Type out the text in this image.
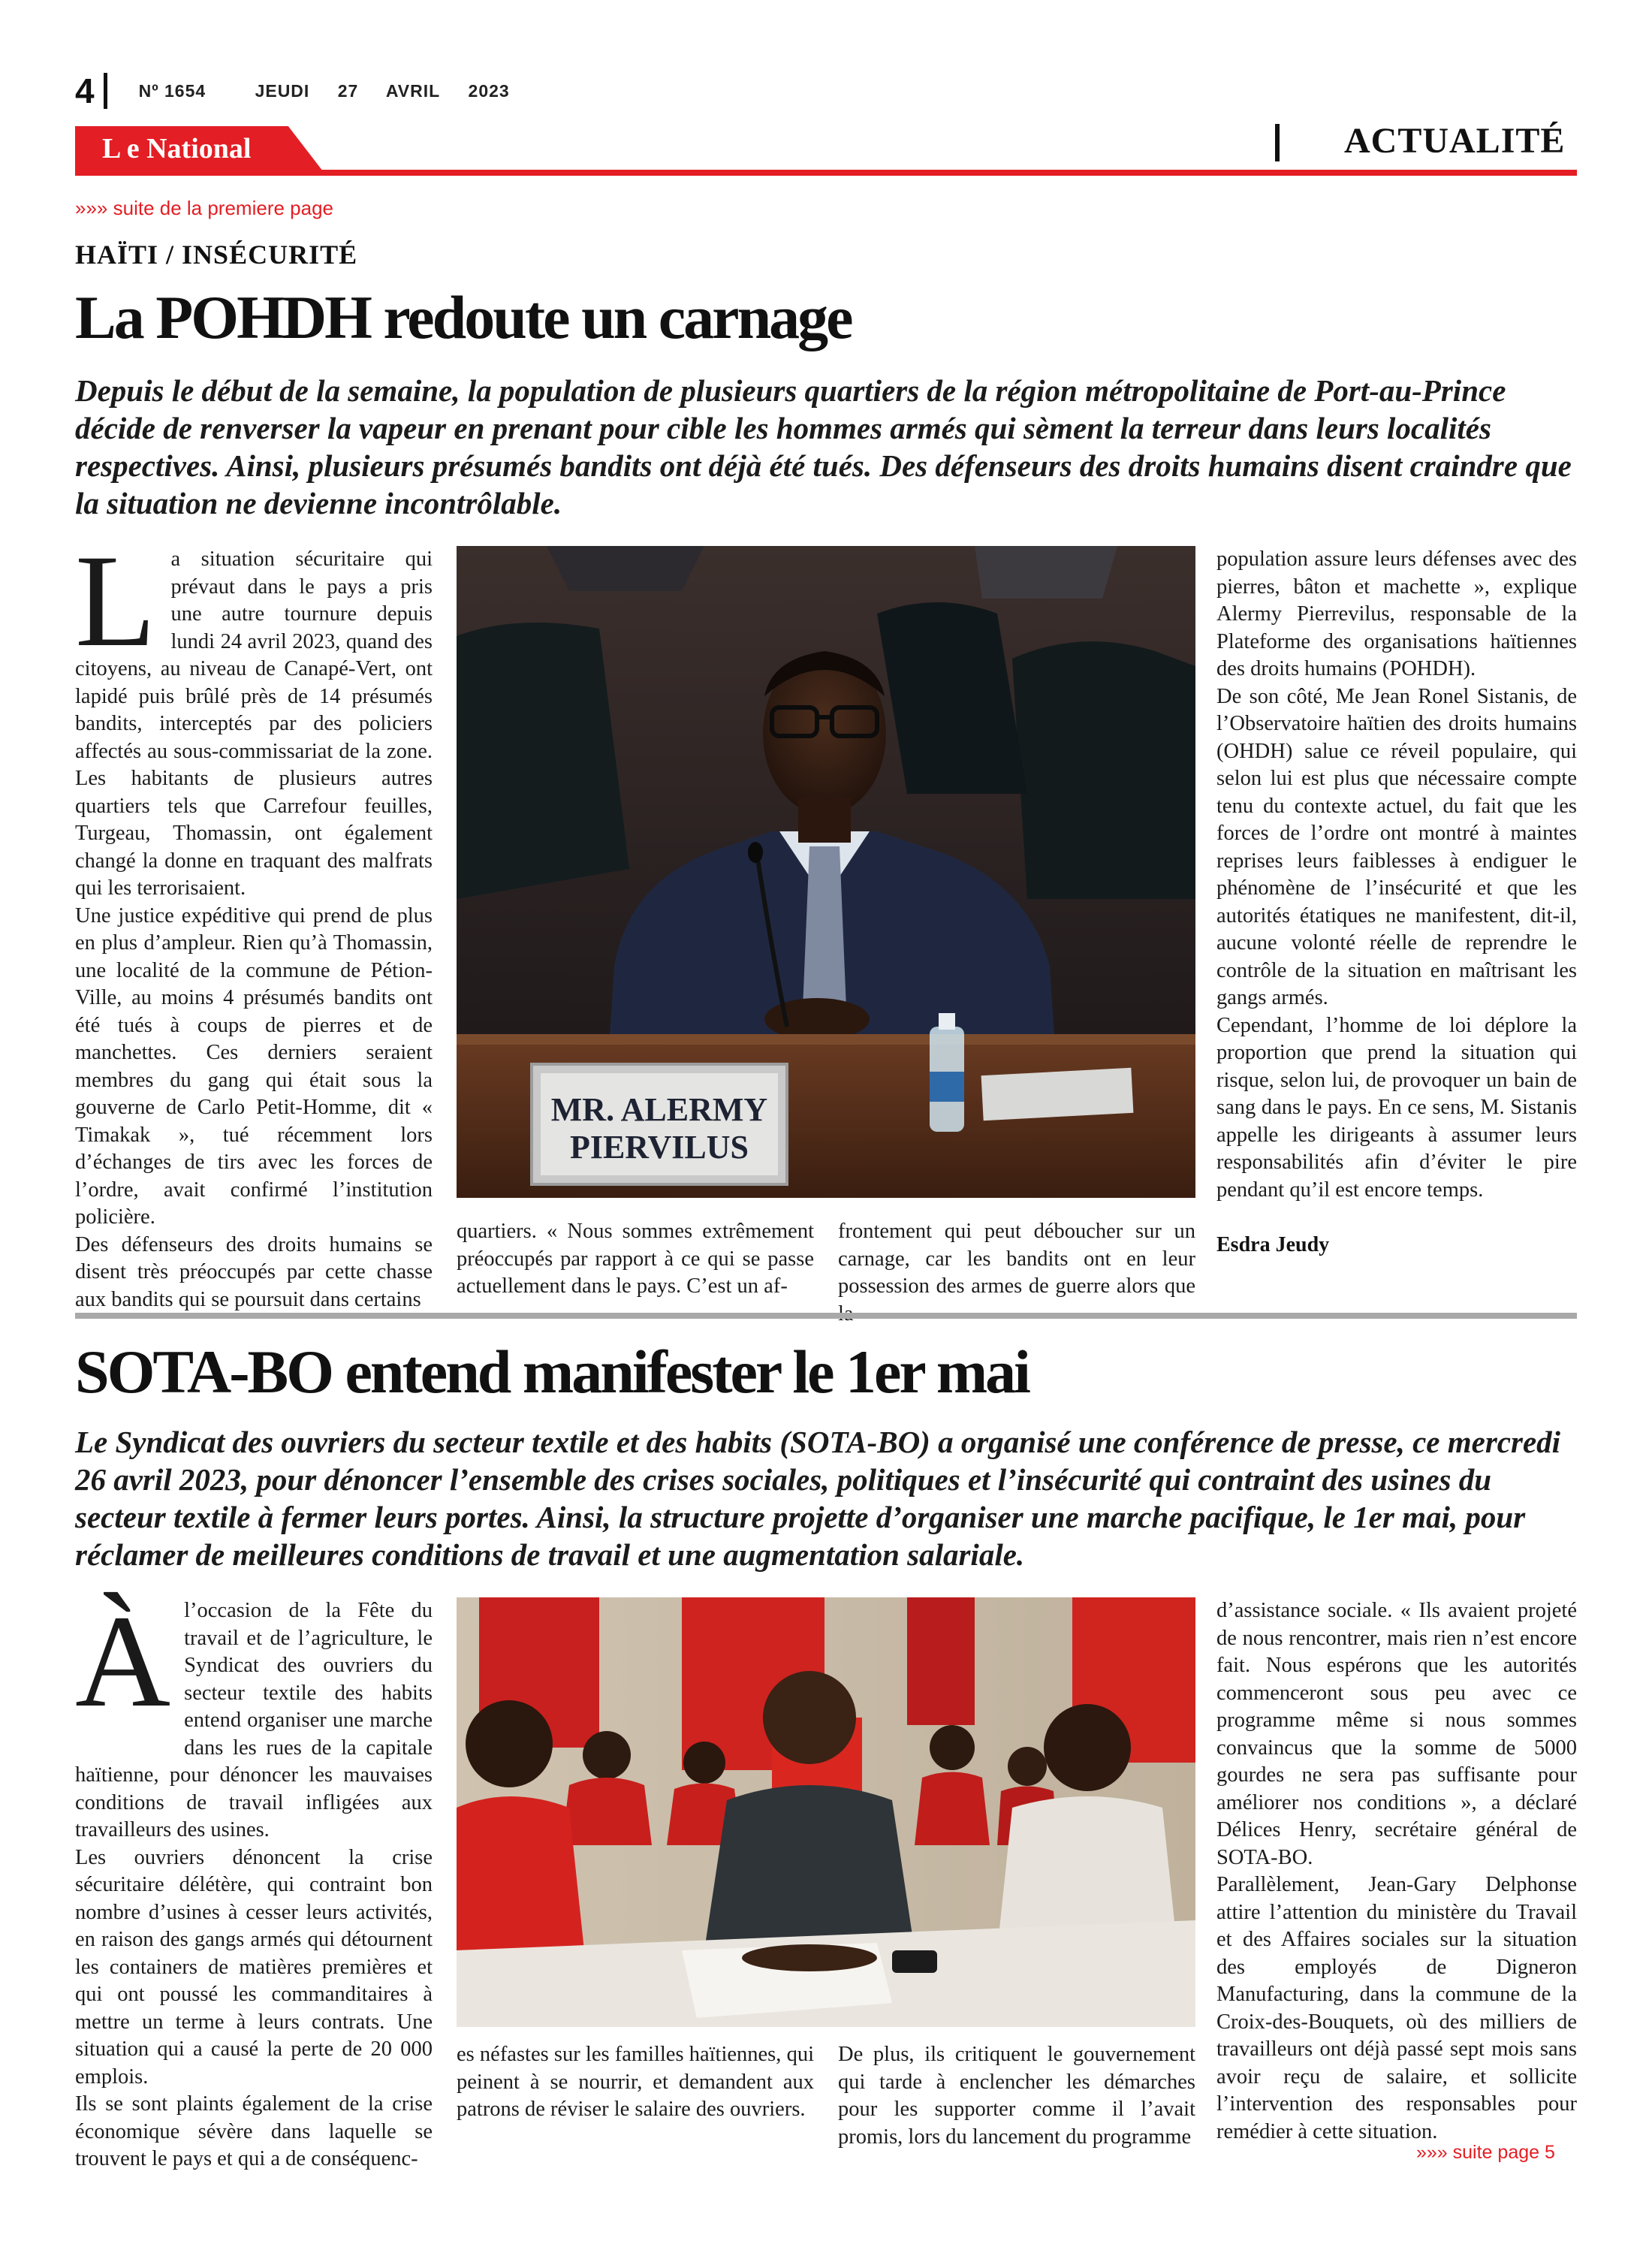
4	Nº 1654	JEUDI 27 AVRIL 2023
L e National	ACTUALITÉ
»»» suite de la premiere page
HAÏTI / INSÉCURITÉ
La POHDH redoute un carnage
Depuis le début de la semaine, la population de plusieurs quartiers de la région métropolitaine de Port-au-Prince décide de renverser la vapeur en prenant pour cible les hommes armés qui sèment la terreur dans leurs localités respectives. Ainsi, plusieurs présumés bandits ont déjà été tués. Des défenseurs des droits humains disent craindre que la situation ne devienne incontrôlable.

L a situation sécuritaire qui prévaut dans le pays a pris une autre tournure depuis lundi 24 avril 2023, quand des citoyens, au niveau de Canapé-Vert, ont lapidé puis brûlé près de 14 présumés bandits, interceptés par des policiers affectés au sous-commissariat de la zone. Les habitants de plusieurs autres quartiers tels que Carrefour feuilles, Turgeau, Thomassin, ont également changé la donne en traquant des malfrats qui les terrorisaient.

Une justice expéditive qui prend de plus en plus d’ampleur. Rien qu’à Thomassin, une localité de la commune de Pétion-Ville, au moins 4 présumés bandits ont été tués à coups de pierres et de manchettes. Ces derniers seraient membres du gang qui était sous la gouverne de Carlo Petit-Homme, dit « Timakak », tué récemment lors d’échanges de tirs avec les forces de l’ordre, avait confirmé l’institution policière.

Des défenseurs des droits humains se disent très préoccupés par cette chasse aux bandits qui se poursuit dans certains

MR. ALERMY
PIERVILUS
quartiers. « Nous sommes extrêmement préoccupés par rapport à ce qui se passe actuellement dans le pays. C’est un af-
frontement qui peut déboucher sur un carnage, car les bandits ont en leur possession des armes de guerre alors que

population assure leurs défenses avec des pierres, bâton et machette », explique Alermy Pierrevilus, responsable de la Plateforme des organisations haïtiennes des droits humains (POHDH).

De son côté, Me Jean Ronel Sistanis, de l’Observatoire haïtien des droits humains (OHDH) salue ce réveil populaire, qui selon lui est plus que nécessaire compte tenu du contexte actuel, du fait que les forces de l’ordre ont montré à maintes reprises leurs faiblesses à endiguer le phénomène de l’insécurité et que les autorités étatiques ne manifestent, dit-il, aucune volonté réelle de reprendre le contrôle de la situation en maîtrisant les gangs armés.

Cependant, l’homme de loi déplore la proportion que prend la situation qui risque, selon lui, de provoquer un bain de sang dans le pays. En ce sens, M. Sistanis appelle les dirigeants à assumer leurs responsabilités afin d’éviter le pire pendant qu’il est encore temps.

Esdra Jeudy
SOTA-BO entend manifester le 1er mai
Le Syndicat des ouvriers du secteur textile et des habits (SOTA-BO) a organisé une conférence de presse, ce mercredi 26 avril 2023, pour dénoncer l’ensemble des crises sociales, politiques et l’insécurité qui contraint des usines du secteur textile à fermer leurs portes. Ainsi, la structure projette d’organiser une marche pacifique, le 1er mai, pour réclamer de meilleures conditions de travail et une augmentation salariale.

À l’occasion de la Fête du travail et de l’agriculture, le Syndicat des ouvriers du secteur textile des habits entend organiser une marche dans les rues de la capitale haïtienne, pour dénoncer les mauvaises conditions de travail infligées aux travailleurs des usines.

Les ouvriers dénoncent la crise sécuritaire délétère, qui contraint bon nombre d’usines à cesser leurs activités, en raison des gangs armés qui détournent les containers de matières premières et qui ont poussé les commanditaires à mettre un terme à leurs contrats. Une situation qui a causé la perte de 20 000 emplois.

Ils se sont plaints également de la crise économique sévère dans laquelle se trouvent le pays et qui a de conséquenc-

es néfastes sur les familles haïtiennes, qui peinent à se nourrir, et demandent aux patrons de réviser le salaire des ouvriers.
De plus, ils critiquent le gouvernement qui tarde à enclencher les démarches pour les supporter comme il l’avait promis, lors du lancement du programme

d’assistance sociale. « Ils avaient projeté de nous rencontrer, mais rien n’est encore fait. Nous espérons que les autorités commenceront sous peu avec ce programme même si nous sommes convaincus que la somme de 5000 gourdes ne sera pas suffisante pour améliorer nos conditions », a déclaré Délices Henry, secrétaire général de SOTA-BO.

Parallèlement, Jean-Gary Delphonse attire l’attention du ministère du Travail et des Affaires sociales sur la situation des employés de Digneron Manufacturing, dans la commune de la Croix-des-Bouquets, où des milliers de travailleurs ont déjà passé sept mois sans avoir reçu de salaire, et sollicite l’intervention des responsables pour remédier à cette situation.

»»» suite page 5
